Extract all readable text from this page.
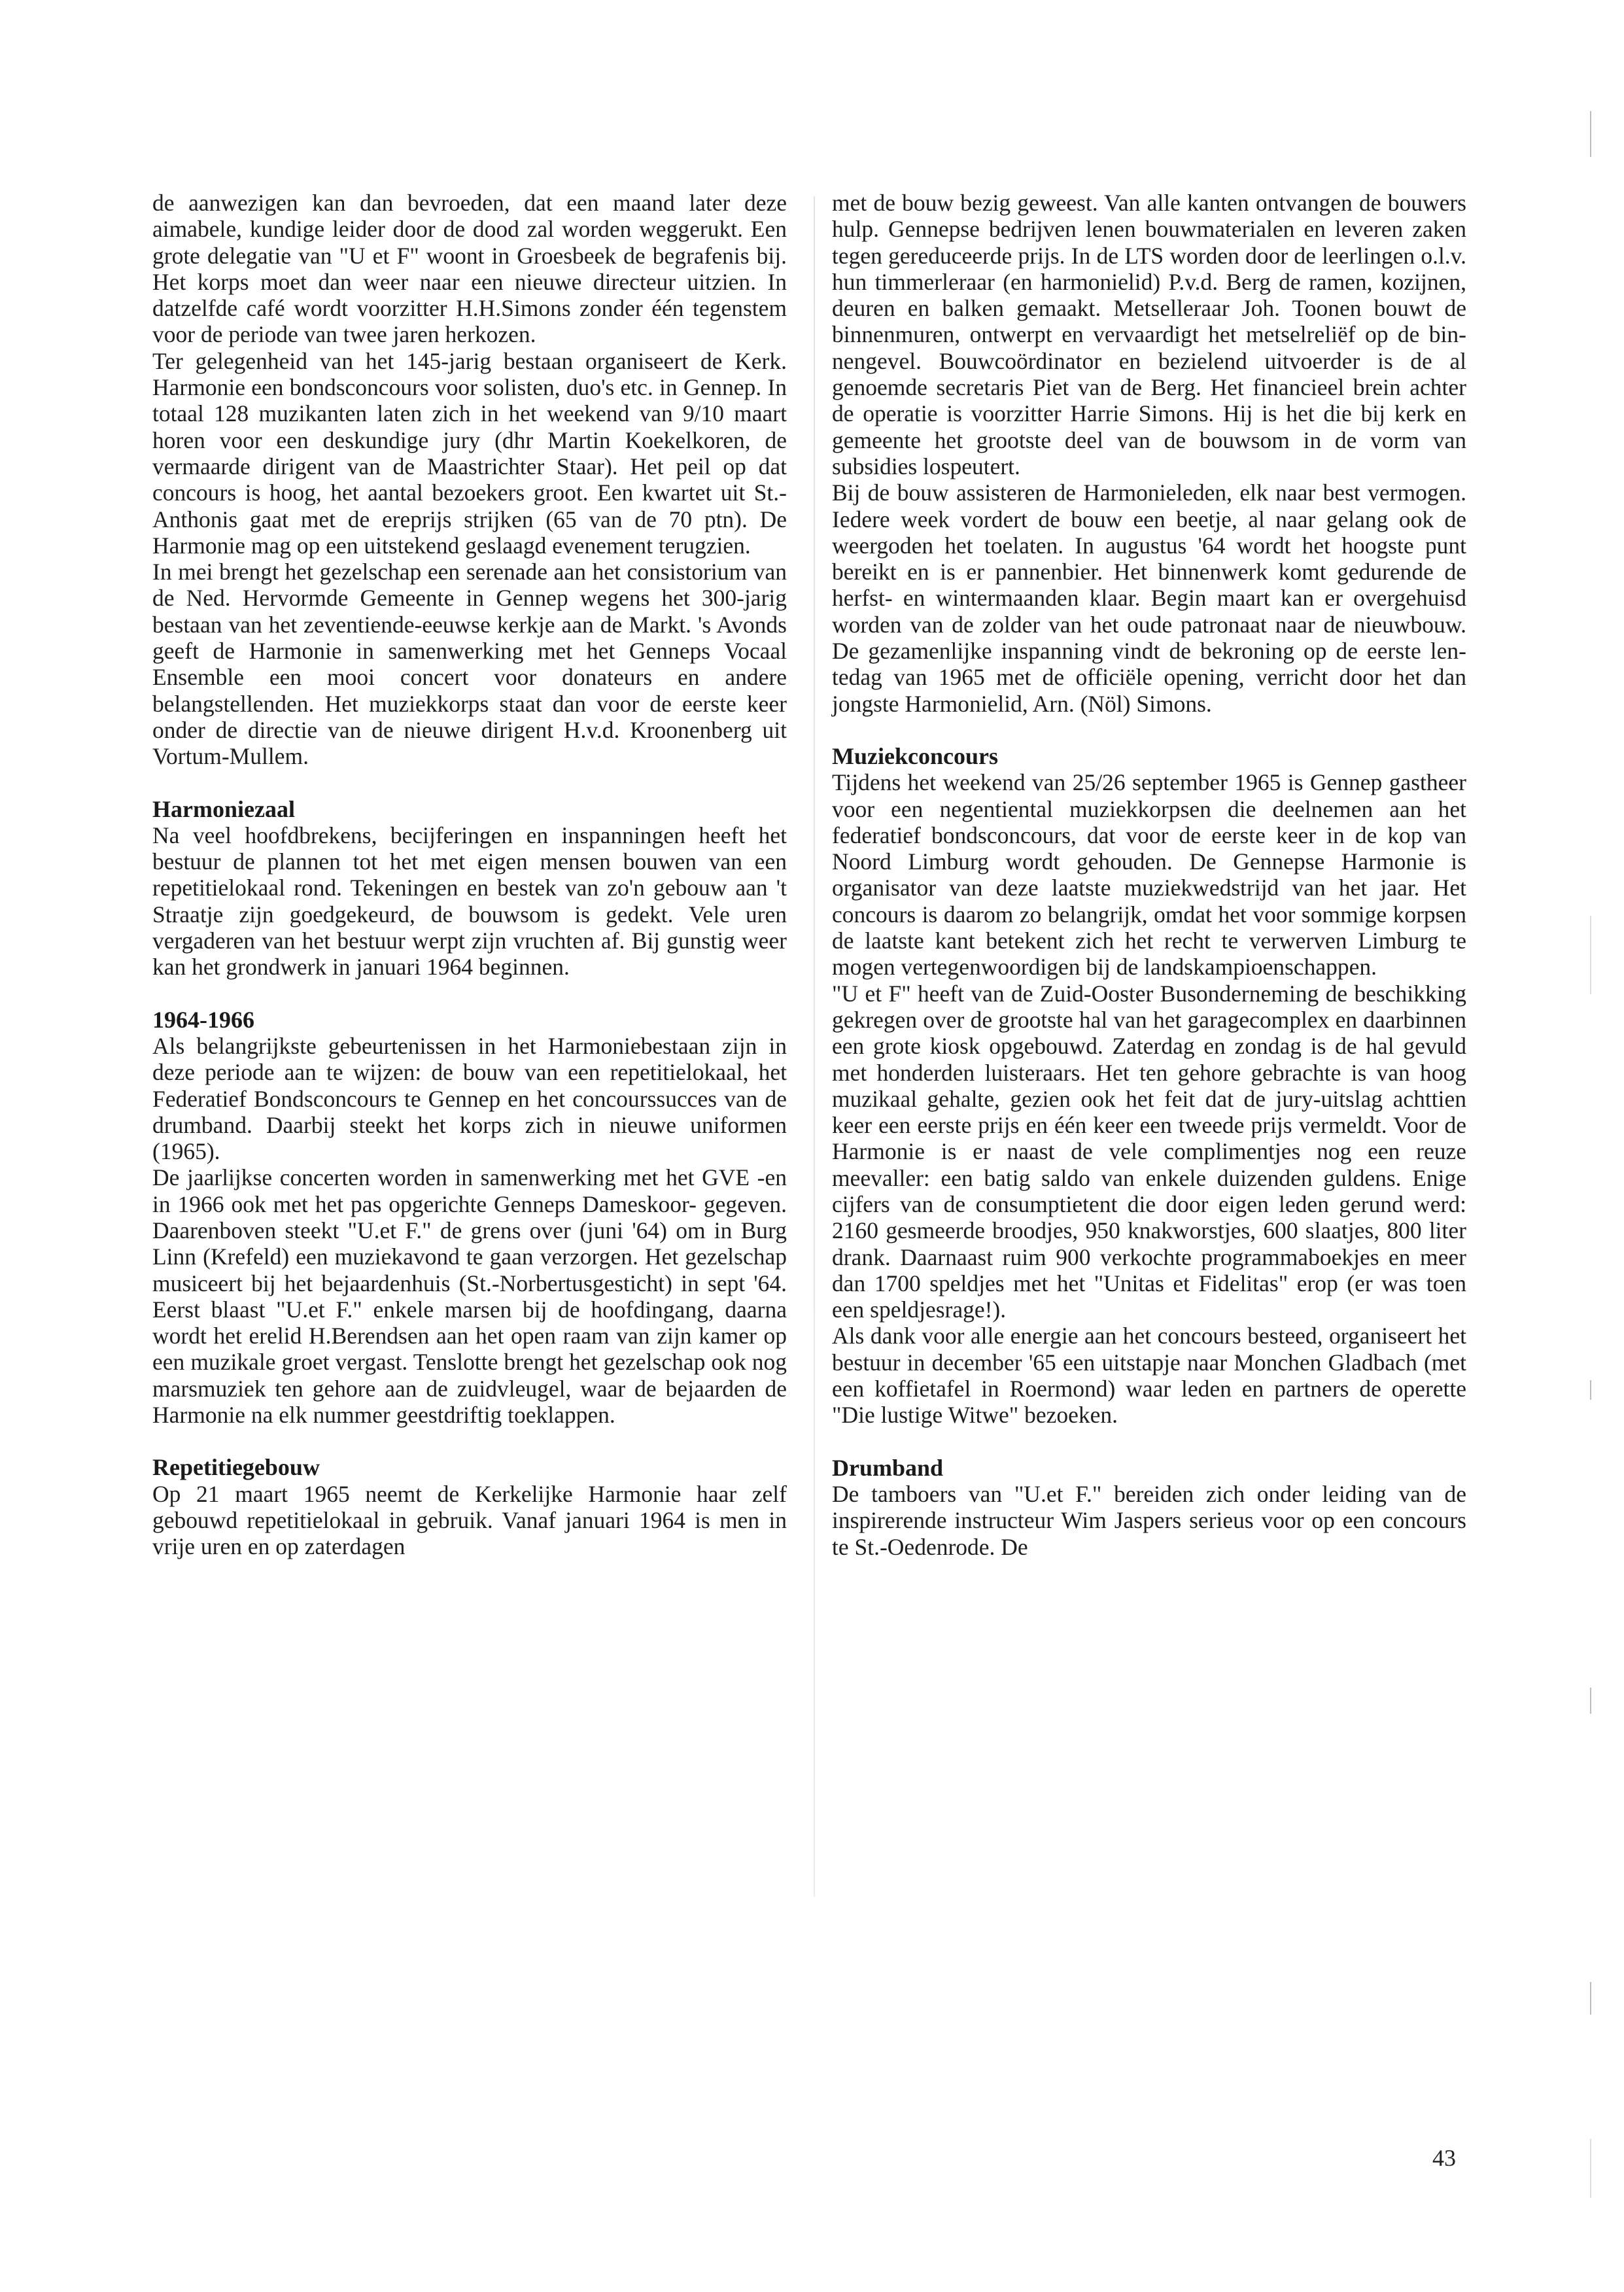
de aanwezigen kan dan bevroeden, dat een maand later deze aimabele, kundige leider door de dood zal worden weggerukt. Een grote delegatie van "U et F" woont in Groesbeek de begrafenis bij. Het korps moet dan weer naar een nieuwe directeur uitzien. In datzelfde café wordt voorzitter H.H.Simons zonder één tegenstem voor de periode van twee jaren herkozen.

Ter gelegenheid van het 145-jarig bestaan organiseert de Kerk. Harmonie een bondsconcours voor solisten, duo's etc. in Gennep. In totaal 128 muzikanten laten zich in het weekend van 9/10 maart horen voor een deskundige jury (dhr Martin Koekelkoren, de vermaarde dirigent van de Maastrichter Staar). Het peil op dat concours is hoog, het aantal bezoekers groot. Een kwartet uit St.-Anthonis gaat met de ereprijs strijken (65 van de 70 ptn). De Harmonie mag op een uitstekend geslaagd evenement terugzien.

In mei brengt het gezelschap een serenade aan het consistorium van de Ned. Hervormde Gemeente in Gennep wegens het 300-jarig bestaan van het zeventiende-eeuwse kerkje aan de Markt. 's Avonds geeft de Harmonie in samenwerking met het Genneps Vocaal Ensemble een mooi concert voor donateurs en andere belangstellenden. Het muziekkorps staat dan voor de eerste keer onder de directie van de nieuwe dirigent H.v.d. Kroonenberg uit Vortum-Mullem.

Harmoniezaal

Na veel hoofdbrekens, becijferingen en inspanningen heeft het bestuur de plannen tot het met eigen mensen bouwen van een repetitielokaal rond. Tekeningen en bestek van zo'n gebouw aan 't Straatje zijn goedgekeurd, de bouwsom is gedekt. Vele uren vergaderen van het bestuur werpt zijn vruchten af. Bij gunstig weer kan het grondwerk in januari 1964 beginnen.

1964-1966

Als belangrijkste gebeurtenissen in het Harmoniebestaan zijn in deze periode aan te wijzen: de bouw van een repetitielokaal, het Federatief Bondsconcours te Gennep en het concourssucces van de drumband. Daarbij steekt het korps zich in nieuwe uniformen (1965).

De jaarlijkse concerten worden in samenwerking met het GVE -en in 1966 ook met het pas opgerichte Genneps Dameskoor- gegeven. Daarenboven steekt "U.et F." de grens over (juni '64) om in Burg Linn (Krefeld) een muziekavond te gaan verzorgen. Het gezelschap musiceert bij het bejaardenhuis (St.-Norbertusgesticht) in sept '64. Eerst blaast "U.et F." enkele marsen bij de hoofdingang, daarna wordt het erelid H.Berendsen aan het open raam van zijn kamer op een muzikale groet vergast. Tenslotte brengt het gezelschap ook nog marsmuziek ten gehore aan de zuidvleugel, waar de bejaarden de Harmonie na elk nummer geestdriftig toeklappen.

Repetitiegebouw

Op 21 maart 1965 neemt de Kerkelijke Harmonie haar zelf gebouwd repetitielokaal in gebruik. Vanaf januari 1964 is men in vrije uren en op zaterdagen

met de bouw bezig geweest. Van alle kanten ontvangen de bouwers hulp. Gennepse bedrijven lenen bouwmaterialen en leveren zaken tegen gereduceerde prijs. In de LTS worden door de leerlingen o.l.v. hun timmerleraar (en harmonielid) P.v.d. Berg de ramen, kozijnen, deuren en balken gemaakt. Metselleraar Joh. Toonen bouwt de binnenmuren, ontwerpt en vervaardigt het metselreliëf op de binnengevel. Bouwcoördinator en bezielend uitvoerder is de al genoemde secretaris Piet van de Berg. Het financieel brein achter de operatie is voorzitter Harrie Simons. Hij is het die bij kerk en gemeente het grootste deel van de bouwsom in de vorm van subsidies lospeutert.

Bij de bouw assisteren de Harmonieleden, elk naar best vermogen. Iedere week vordert de bouw een beetje, al naar gelang ook de weergoden het toelaten. In augustus '64 wordt het hoogste punt bereikt en is er pannenbier. Het binnenwerk komt gedurende de herfst- en wintermaanden klaar. Begin maart kan er overgehuisd worden van de zolder van het oude patronaat naar de nieuwbouw. De gezamenlijke inspanning vindt de bekroning op de eerste lentedag van 1965 met de officiële opening, verricht door het dan jongste Harmonielid, Arn. (Nöl) Simons.

Muziekconcours

Tijdens het weekend van 25/26 september 1965 is Gennep gastheer voor een negentiental muziekkorpsen die deelnemen aan het federatief bondsconcours, dat voor de eerste keer in de kop van Noord Limburg wordt gehouden. De Gennepse Harmonie is organisator van deze laatste muziekwedstrijd van het jaar. Het concours is daarom zo belangrijk, omdat het voor sommige korpsen de laatste kant betekent zich het recht te verwerven Limburg te mogen vertegenwoordigen bij de landskampioenschappen.

"U et F" heeft van de Zuid-Ooster Busonderneming de beschikking gekregen over de grootste hal van het garagecomplex en daarbinnen een grote kiosk opgebouwd. Zaterdag en zondag is de hal gevuld met honderden luisteraars. Het ten gehore gebrachte is van hoog muzikaal gehalte, gezien ook het feit dat de jury-uitslag achttien keer een eerste prijs en één keer een tweede prijs vermeldt. Voor de Harmonie is er naast de vele complimentjes nog een reuze meevaller: een batig saldo van enkele duizenden guldens. Enige cijfers van de consumptietent die door eigen leden gerund werd: 2160 gesmeerde broodjes, 950 knakworstjes, 600 slaatjes, 800 liter drank. Daarnaast ruim 900 verkochte programmaboekjes en meer dan 1700 speldjes met het "Unitas et Fidelitas" erop (er was toen een speldjesrage!).

Als dank voor alle energie aan het concours besteed, organiseert het bestuur in december '65 een uitstapje naar Monchen Gladbach (met een koffietafel in Roermond) waar leden en partners de operette "Die lustige Witwe" bezoeken.

Drumband

De tamboers van "U.et F." bereiden zich onder leiding van de inspirerende instructeur Wim Jaspers serieus voor op een concours te St.-Oedenrode. De

43
